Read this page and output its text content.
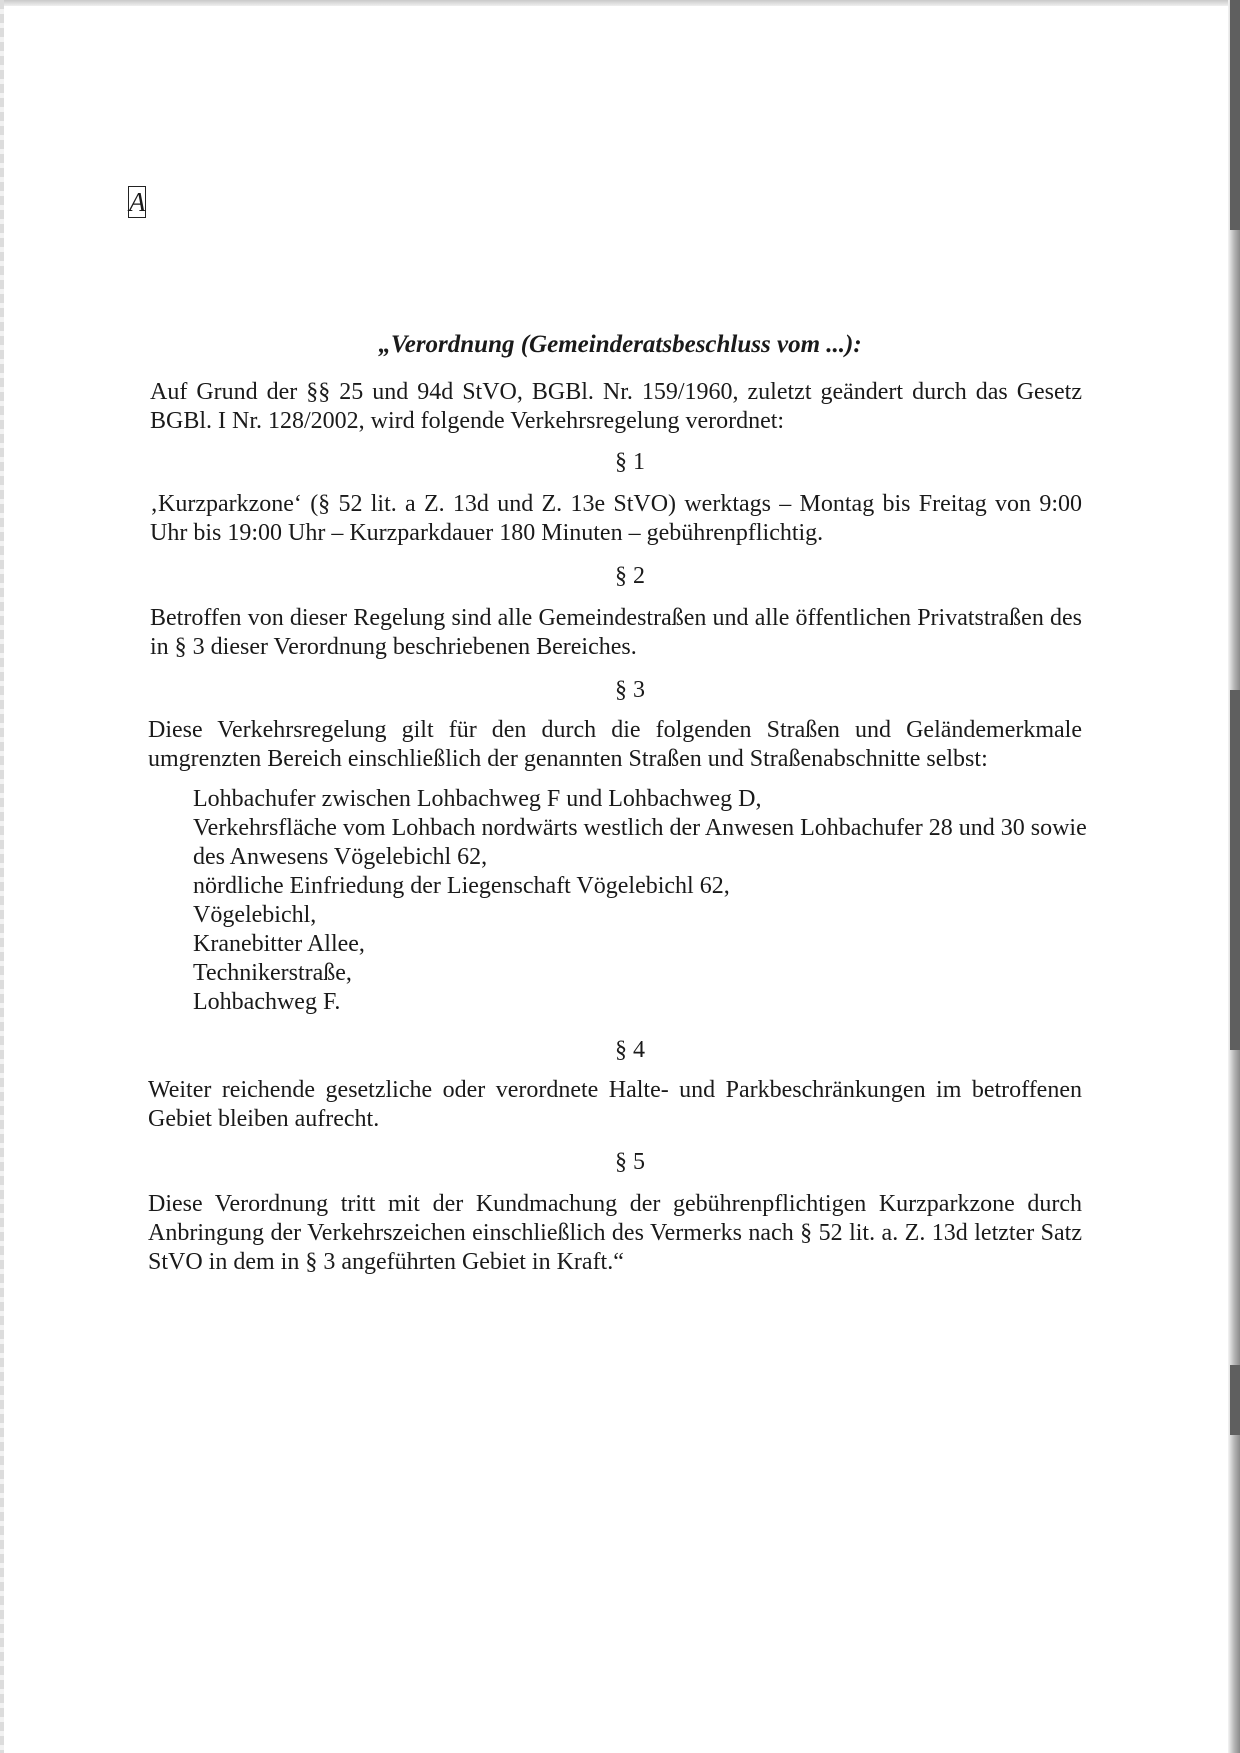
A
„Verordnung (Gemeinderatsbeschluss vom ...):

Auf Grund der §§ 25 und 94d StVO, BGBl. Nr. 159/1960, zuletzt geändert durch das Gesetz BGBl. I Nr. 128/2002, wird folgende Verkehrsregelung verordnet:

§ 1

‚Kurzparkzone‘ (§ 52 lit. a Z. 13d und Z. 13e StVO) werktags – Montag bis Freitag von 9:00 Uhr bis 19:00 Uhr – Kurzparkdauer 180 Minuten – gebührenpflichtig.

§ 2

Betroffen von dieser Regelung sind alle Gemeindestraßen und alle öffentlichen Privatstraßen des in § 3 dieser Verordnung beschriebenen Bereiches.

§ 3

Diese Verkehrsregelung gilt für den durch die folgenden Straßen und Geländemerkmale umgrenzten Bereich einschließlich der genannten Straßen und Straßenabschnitte selbst:

Lohbachufer zwischen Lohbachweg F und Lohbachweg D,
Verkehrsfläche vom Lohbach nordwärts westlich der Anwesen Lohbachufer 28 und 30 sowie des Anwesens Vögelebichl 62,
nördliche Einfriedung der Liegenschaft Vögelebichl 62,
Vögelebichl,
Kranebitter Allee,
Technikerstraße,
Lohbachweg F.
§ 4

Weiter reichende gesetzliche oder verordnete Halte- und Parkbeschränkungen im betroffenen Gebiet bleiben aufrecht.

§ 5

Diese Verordnung tritt mit der Kundmachung der gebührenpflichtigen Kurzparkzone durch Anbringung der Verkehrszeichen einschließlich des Vermerks nach § 52 lit. a. Z. 13d letzter Satz StVO in dem in § 3 angeführten Gebiet in Kraft.“
